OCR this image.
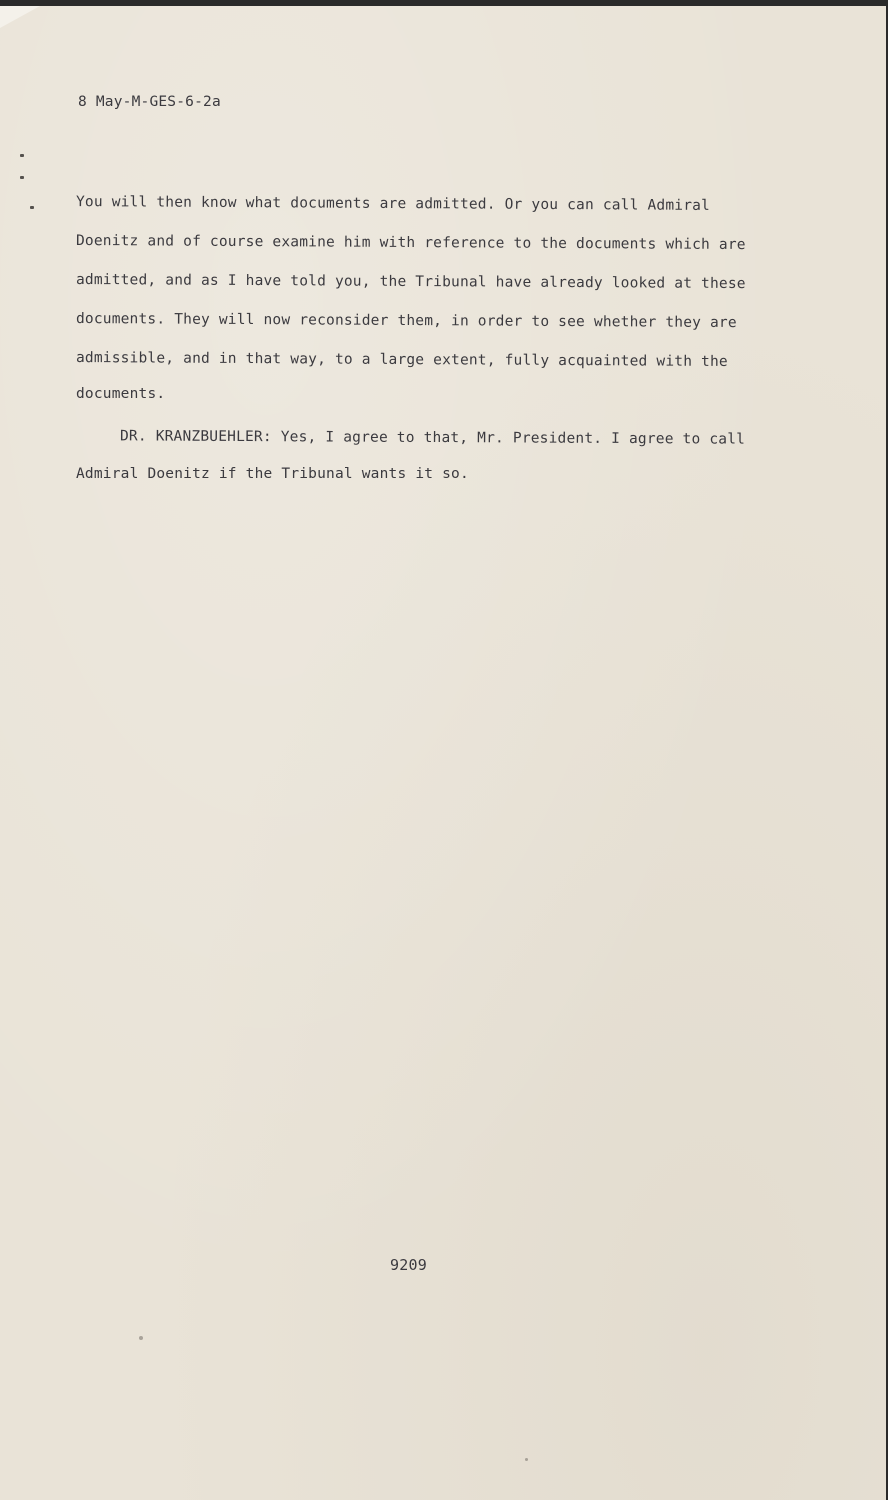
8 May-M-GES-6-2a
You will then know what documents are admitted. Or you can call Admiral
Doenitz and of course examine him with reference to the documents which are
admitted, and as I have told you, the Tribunal have already looked at these
documents. They will now reconsider them, in order to see whether they are
admissible, and in that way, to a large extent, fully acquainted with the
documents.
DR. KRANZBUEHLER: Yes, I agree to that, Mr. President. I agree to call
Admiral Doenitz if the Tribunal wants it so.
9209
